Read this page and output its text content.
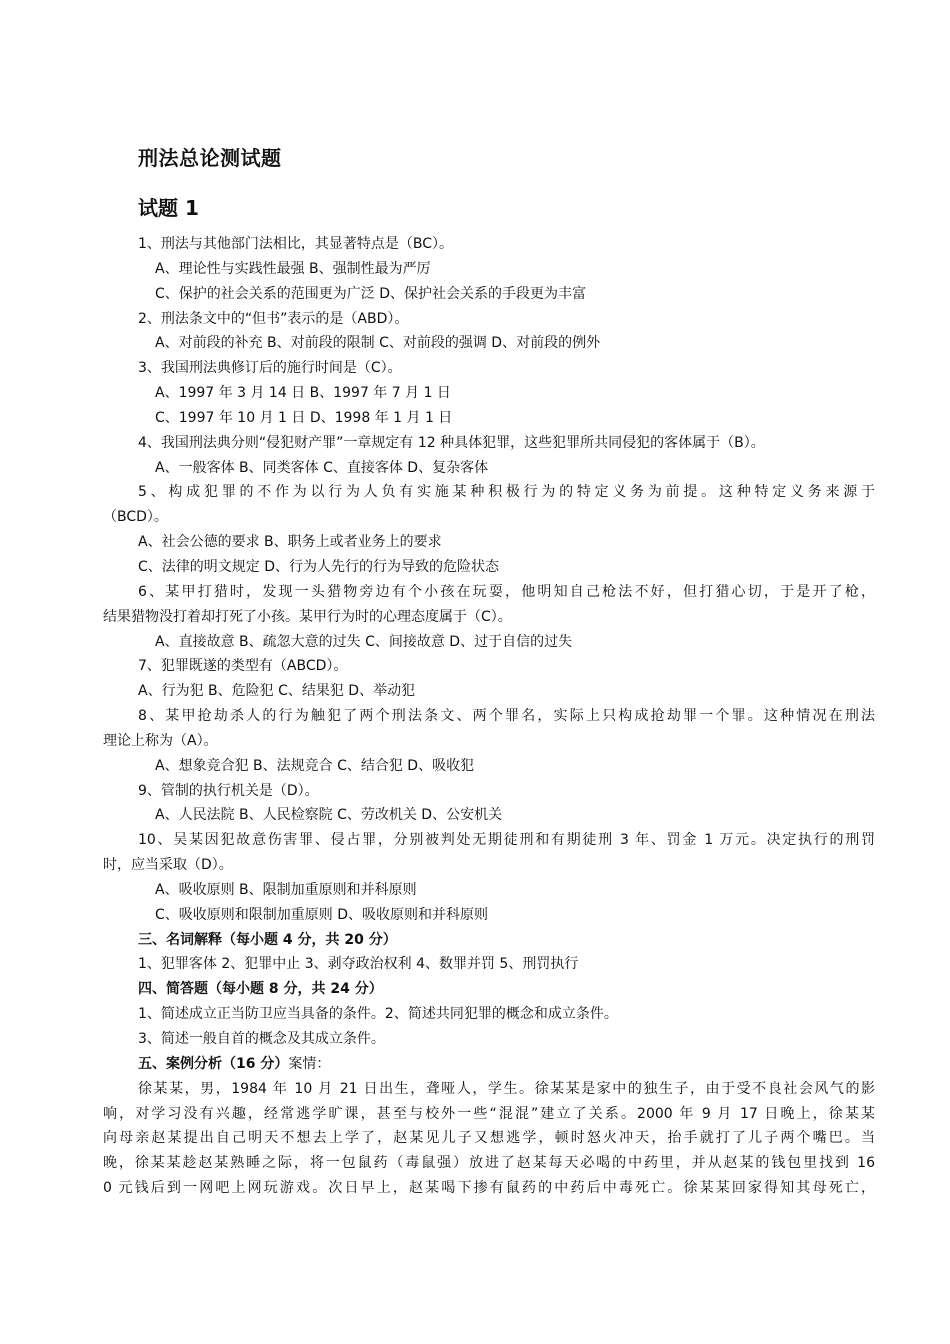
刑法总论测试题
试题 1
1、刑法与其他部门法相比，其显著特点是（BC）。
A、理论性与实践性最强 B、强制性最为严厉
C、保护的社会关系的范围更为广泛 D、保护社会关系的手段更为丰富
2、刑法条文中的“但书”表示的是（ABD）。
A、对前段的补充 B、对前段的限制 C、对前段的强调 D、对前段的例外
3、我国刑法典修订后的施行时间是（C）。
A、1997 年 3 月 14 日 B、1997 年 7 月 1 日
C、1997 年 10 月 1 日 D、1998 年 1 月 1 日
4、我国刑法典分则“侵犯财产罪”一章规定有 12 种具体犯罪，这些犯罪所共同侵犯的客体属于（B）。
A、一般客体 B、同类客体 C、直接客体 D、复杂客体
5、构成犯罪的不作为以行为人负有实施某种积极行为的特定义务为前提。这种特定义务来源于
（BCD）。
A、社会公德的要求 B、职务上或者业务上的要求
C、法律的明文规定 D、行为人先行的行为导致的危险状态
6、某甲打猎时，发现一头猎物旁边有个小孩在玩耍，他明知自己枪法不好，但打猎心切，于是开了枪，
结果猎物没打着却打死了小孩。某甲行为时的心理态度属于（C）。
A、直接故意 B、疏忽大意的过失 C、间接故意 D、过于自信的过失
7、犯罪既遂的类型有（ABCD）。
A、行为犯 B、危险犯 C、结果犯 D、举动犯
8、某甲抢劫杀人的行为触犯了两个刑法条文、两个罪名，实际上只构成抢劫罪一个罪。这种情况在刑法
理论上称为（A）。
A、想象竞合犯 B、法规竞合 C、结合犯 D、吸收犯
9、管制的执行机关是（D）。
A、人民法院 B、人民检察院 C、劳改机关 D、公安机关
10、吴某因犯故意伤害罪、侵占罪，分别被判处无期徒刑和有期徒刑 3 年、罚金 1 万元。决定执行的刑罚
时，应当采取（D）。
A、吸收原则 B、限制加重原则和并科原则
C、吸收原则和限制加重原则 D、吸收原则和并科原则
三、名词解释（每小题 4 分，共 20 分）
1、犯罪客体 2、犯罪中止 3、剥夺政治权利 4、数罪并罚 5、刑罚执行
四、简答题（每小题 8 分，共 24 分）
1、简述成立正当防卫应当具备的条件。2、简述共同犯罪的概念和成立条件。
3、简述一般自首的概念及其成立条件。
五、案例分析（16 分）案情：
徐某某，男，1984 年 10 月 21 日出生，聋哑人，学生。徐某某是家中的独生子，由于受不良社会风气的影
响，对学习没有兴趣，经常逃学旷课，甚至与校外一些“混混”建立了关系。2000 年 9 月 17 日晚上，徐某某
向母亲赵某提出自己明天不想去上学了，赵某见儿子又想逃学，顿时怒火冲天，抬手就打了儿子两个嘴巴。当
晚，徐某某趁赵某熟睡之际，将一包鼠药（毒鼠强）放进了赵某每天必喝的中药里，并从赵某的钱包里找到 16
0 元钱后到一网吧上网玩游戏。次日早上，赵某喝下掺有鼠药的中药后中毒死亡。徐某某回家得知其母死亡，
